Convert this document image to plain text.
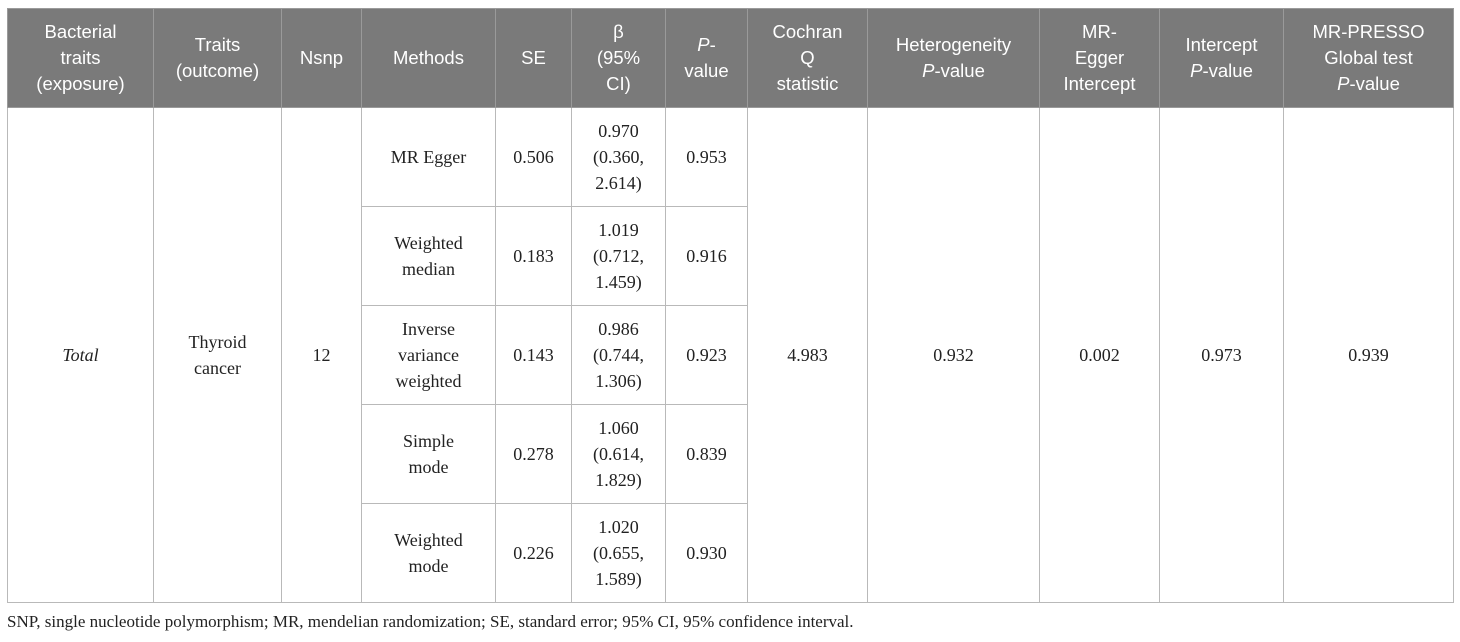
Bacterial
traits
(exposure)	Traits
(outcome)	Nsnp	Methods	SE	β
(95%
CI)	P-
value	Cochran
Q
statistic	Heterogeneity
P-value	MR-
Egger
Intercept	Intercept
P-value	MR-PRESSO
Global test
P-value
Total	Thyroid
cancer	12	MR Egger	0.506	0.970
(0.360,
2.614)	0.953	4.983	0.932	0.002	0.973	0.939
			Weighted
median	0.183	1.019
(0.712,
1.459)	0.916					
			Inverse
variance
weighted	0.143	0.986
(0.744,
1.306)	0.923					
			Simple
mode	0.278	1.060
(0.614,
1.829)	0.839					
			Weighted
mode	0.226	1.020
(0.655,
1.589)	0.930					
SNP, single nucleotide polymorphism; MR, mendelian randomization; SE, standard error; 95% CI, 95% confidence interval.
